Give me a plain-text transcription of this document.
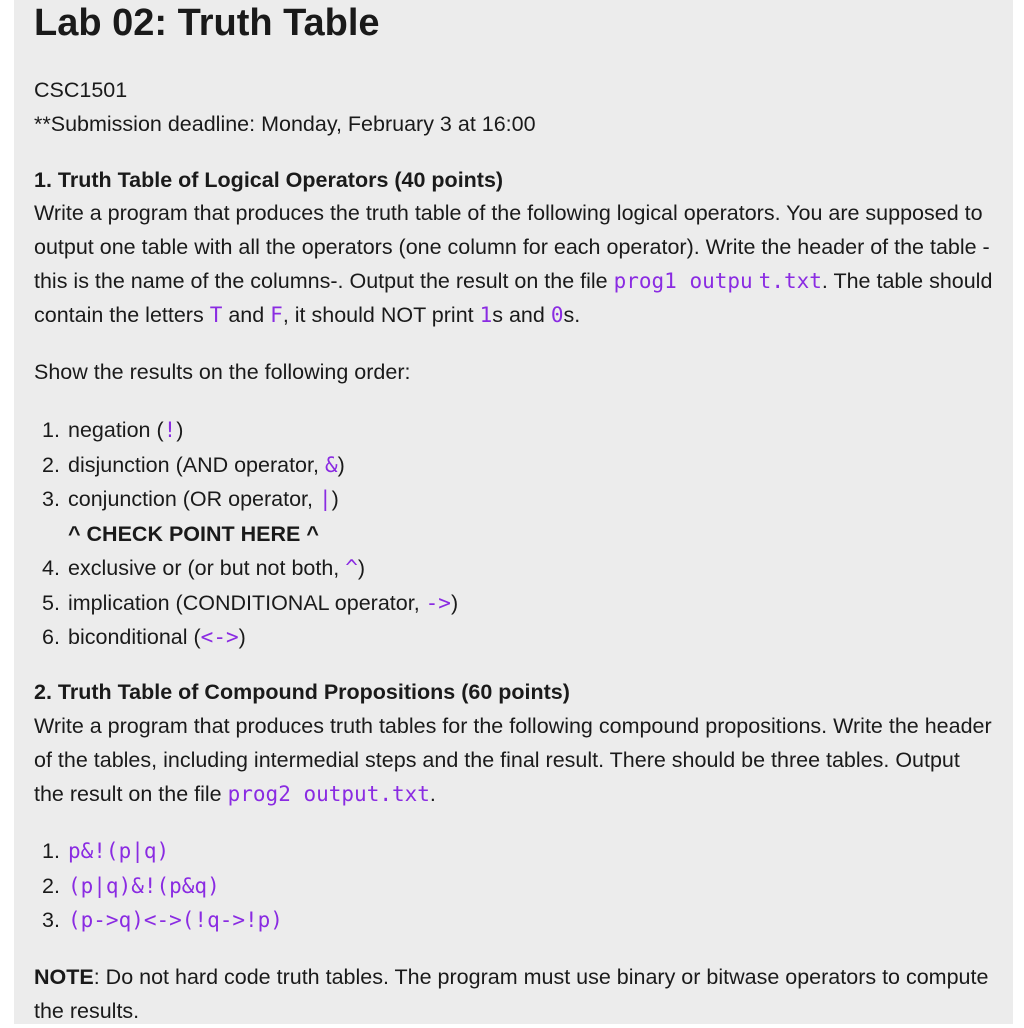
Lab 02: Truth Table
CSC1501
**Submission deadline: Monday, February 3 at 16:00
1. Truth Table of Logical Operators (40 points)
Write a program that produces the truth table of the following logical operators. You are supposed to output one table with all the operators (one column for each operator). Write the header of the table - this is the name of the columns-. Output the result on the file prog1 outpu t.txt. The table should contain the letters T and F, it should NOT print 1s and 0s.
Show the results on the following order:
1. negation (!)
2. disjunction (AND operator, &)
3. conjunction (OR operator, |)
^ CHECK POINT HERE ^
4. exclusive or (or but not both, ^)
5. implication (CONDITIONAL operator, ->)
6. biconditional (<->)
2. Truth Table of Compound Propositions (60 points)
Write a program that produces truth tables for the following compound propositions. Write the header of the tables, including intermedial steps and the final result. There should be three tables. Output the result on the file prog2 output.txt.
1. p&!(p|q)
2. (p|q)&!(p&q)
3. (p->q)<->(!q->!p)
NOTE: Do not hard code truth tables. The program must use binary or bitwase operators to compute the results.
